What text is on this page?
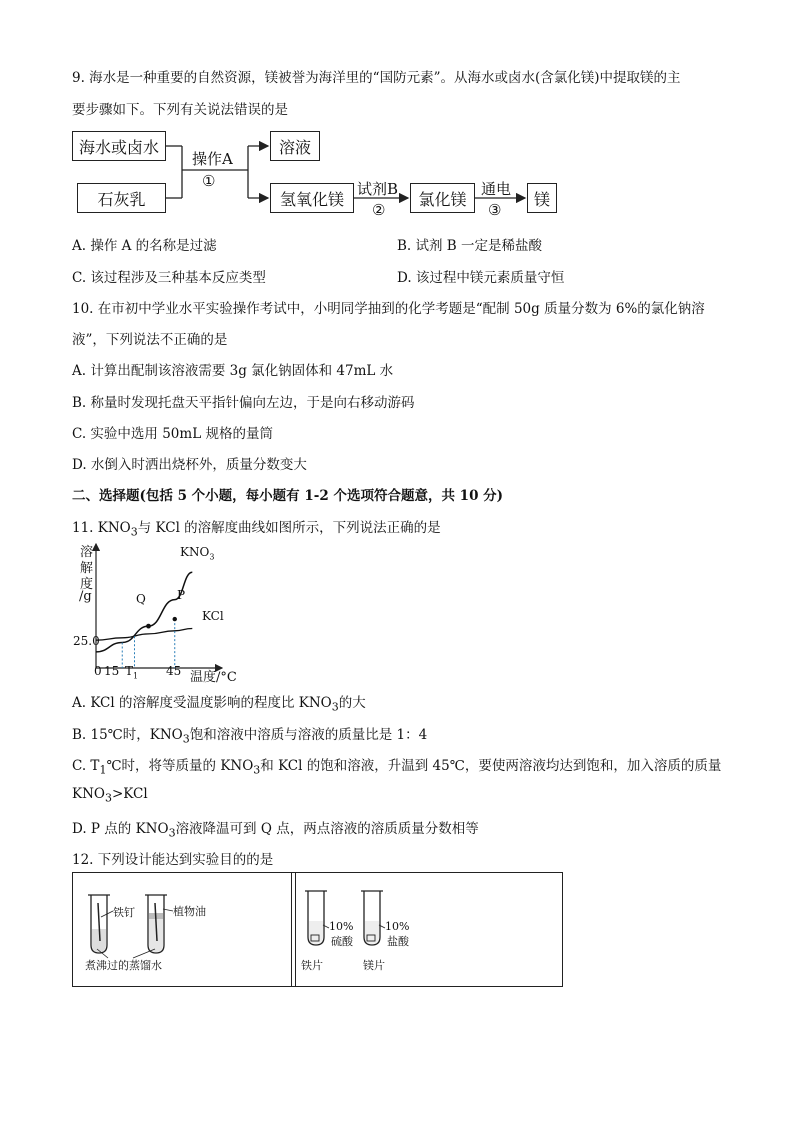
9. 海水是一种重要的自然资源，镁被誉为海洋里的“国防元素”。从海水或卤水(含氯化镁)中提取镁的主
要步骤如下。下列有关说法错误的是
海水或卤水
石灰乳
溶液
氢氧化镁	氯化镁	镁
操作A
①	试剂B
②
通电
③
A. 操作 A 的名称是过滤	B. 试剂 B 一定是稀盐酸
C. 该过程涉及三种基本反应类型	D. 该过程中镁元素质量守恒
10. 在市初中学业水平实验操作考试中，小明同学抽到的化学考题是“配制 50g 质量分数为 6%的氯化钠溶
液”，下列说法不正确的是
A. 计算出配制该溶液需要 3g 氯化钠固体和 47mL 水
B. 称量时发现托盘天平指针偏向左边，于是向右移动游码
C. 实验中选用 50mL 规格的量筒
D. 水倒入时洒出烧杯外，质量分数变大
二、选择题(包括 5 个小题，每小题有 1-2 个选项符合题意，共 10 分)
11. $KNO_3$与 KCl 的溶解度曲线如图所示，下列说法正确的是
溶
解
度
/g
$KNO_3$
KCl
Q	P
25.0
0 15 $T_1$ 45 温度/°C
A. KCl 的溶解度受温度影响的程度比 $KNO_3$的大
B. 15℃时，$KNO_3$饱和溶液中溶质与溶液的质量比是 1：4
C. $T_1℃$时，将等质量的 $KNO_3$和 KCl 的饱和溶液，升温到 45℃，要使两溶液均达到饱和，加入溶质的质量
$KNO_3>KCl$
D. P 点的 $KNO_3$溶液降温可到 Q 点，两点溶液的溶质质量分数相等
12. 下列设计能达到实验目的的是
铁钉	植物油
煮沸过的蒸馏水
10%
硫酸
10%
盐酸
铁片	镁片
